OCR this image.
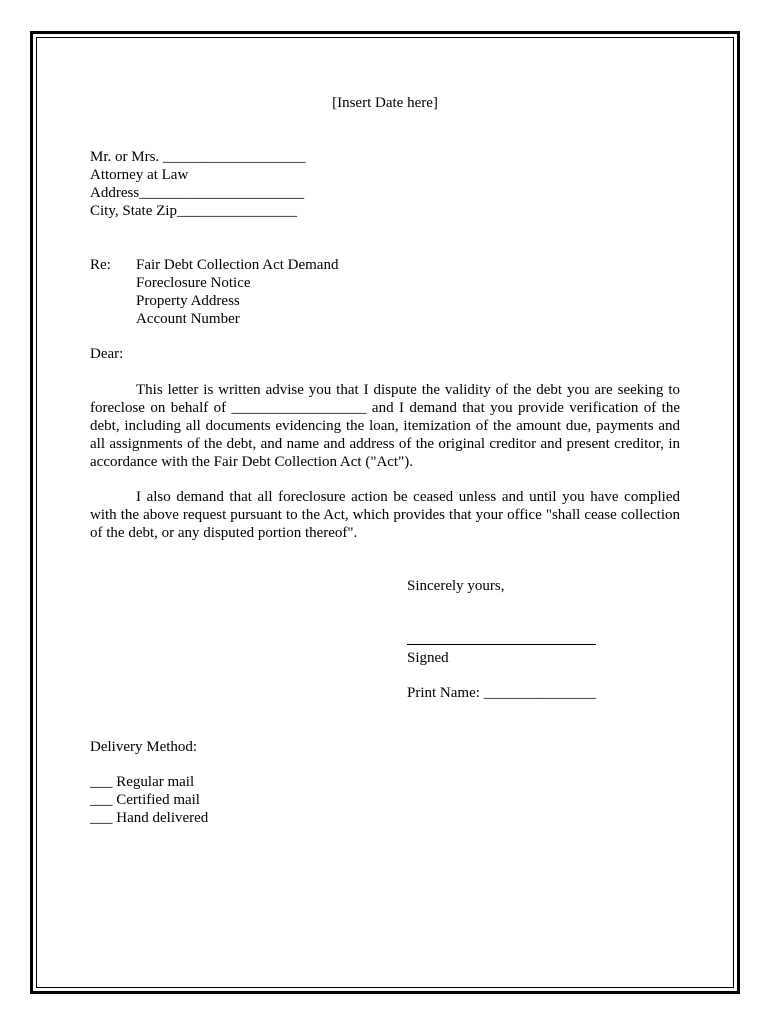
[Insert Date here]
Mr. or Mrs. ___________________
Attorney at Law
Address______________________
City, State Zip________________
Re: Fair Debt Collection Act Demand
Foreclosure Notice
Property Address
Account Number
Dear:
This letter is written advise you that I dispute the validity of the debt you are seeking to foreclose on behalf of __________________ and I demand that you provide verification of the debt, including all documents evidencing the loan, itemization of the amount due, payments and all assignments of the debt, and name and address of the original creditor and present creditor, in accordance with the Fair Debt Collection Act ("Act").
I also demand that all foreclosure action be ceased unless and until you have complied with the above request pursuant to the Act, which provides that your office "shall cease collection of the debt, or any disputed portion thereof".
Sincerely yours,
Signed
Print Name: _______________
Delivery Method:
___ Regular mail
___ Certified mail
___ Hand delivered
